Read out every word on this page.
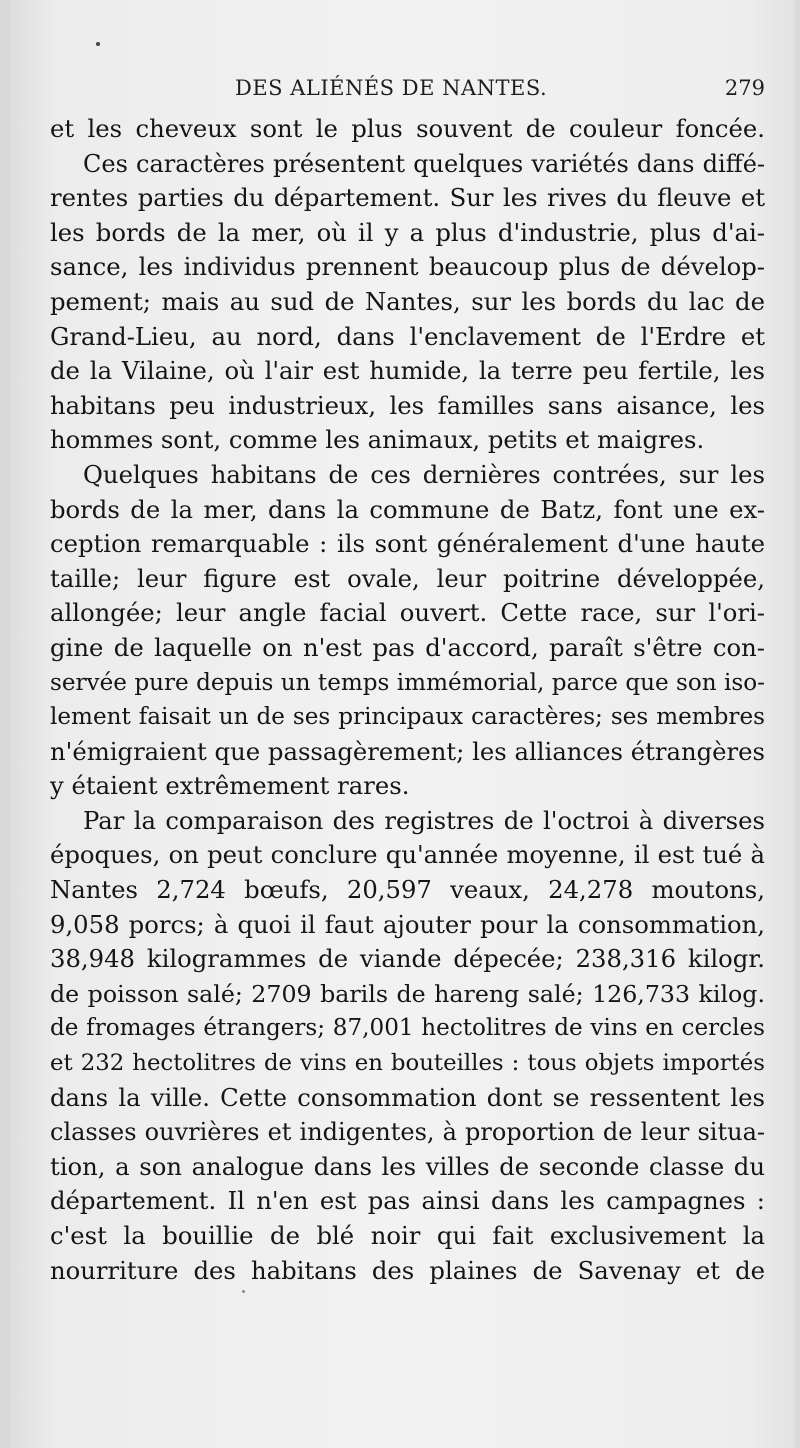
DES ALIÉNÉS DE NANTES.	279
et les cheveux sont le plus souvent de couleur foncée.
Ces caractères présentent quelques variétés dans diffé-
rentes parties du département. Sur les rives du fleuve et
les bords de la mer, où il y a plus d'industrie, plus d'ai-
sance, les individus prennent beaucoup plus de dévelop-
pement; mais au sud de Nantes, sur les bords du lac de
Grand-Lieu, au nord, dans l'enclavement de l'Erdre et
de la Vilaine, où l'air est humide, la terre peu fertile, les
habitans peu industrieux, les familles sans aisance, les
hommes sont, comme les animaux, petits et maigres.
Quelques habitans de ces dernières contrées, sur les
bords de la mer, dans la commune de Batz, font une ex-
ception remarquable : ils sont généralement d'une haute
taille; leur figure est ovale, leur poitrine développée,
allongée; leur angle facial ouvert. Cette race, sur l'ori-
gine de laquelle on n'est pas d'accord, paraît s'être con-
servée pure depuis un temps immémorial, parce que son iso-
lement faisait un de ses principaux caractères; ses membres
n'émigraient que passagèrement; les alliances étrangères
y étaient extrêmement rares.
Par la comparaison des registres de l'octroi à diverses
époques, on peut conclure qu'année moyenne, il est tué à
Nantes 2,724 bœufs, 20,597 veaux, 24,278 moutons,
9,058 porcs; à quoi il faut ajouter pour la consommation,
38,948 kilogrammes de viande dépecée; 238,316 kilogr.
de poisson salé; 2709 barils de hareng salé; 126,733 kilog.
de fromages étrangers; 87,001 hectolitres de vins en cercles
et 232 hectolitres de vins en bouteilles : tous objets importés
dans la ville. Cette consommation dont se ressentent les
classes ouvrières et indigentes, à proportion de leur situa-
tion, a son analogue dans les villes de seconde classe du
département. Il n'en est pas ainsi dans les campagnes :
c'est la bouillie de blé noir qui fait exclusivement la
nourriture des habitans des plaines de Savenay et de
